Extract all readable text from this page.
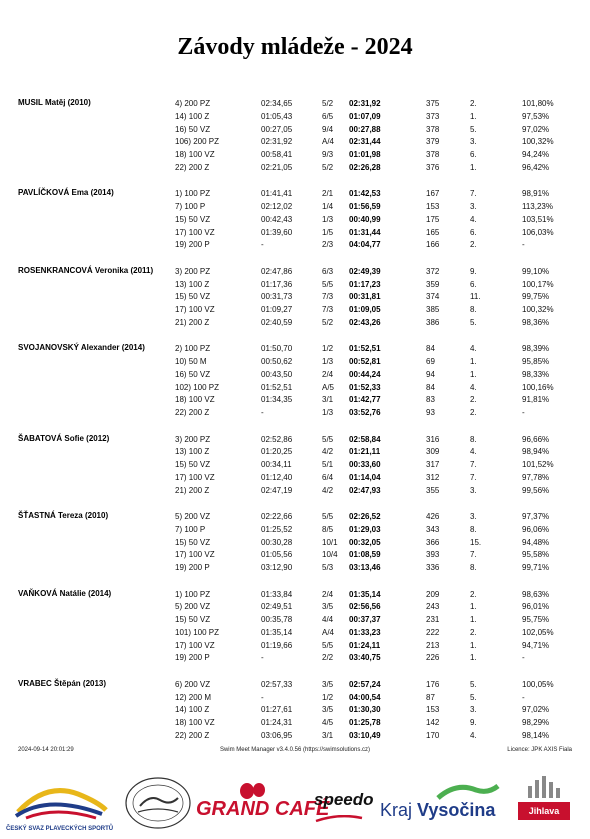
Závody mládeže - 2024
MUSIL Matěj (2010)	4) 200 PZ	02:34,65	5/2 02:31,92	375	2.	101,80%
14) 100 Z	01:05,43	6/5 01:07,09	373	1.	97,53%
16) 50 VZ	00:27,05	9/4 00:27,88	378	5.	97,02%
106) 200 PZ	02:31,92	A/4 02:31,44	379	3.	100,32%
18) 100 VZ	00:58,41	9/3 01:01,98	378	6.	94,24%
22) 200 Z	02:21,05	5/2 02:26,28	376	1.	96,42%
PAVLÍČKOVÁ Ema (2014)	1) 100 PZ	01:41,41	2/1 01:42,53	167	7.	98,91%
7) 100 P	02:12,02	1/4 01:56,59	153	3.	113,23%
15) 50 VZ	00:42,43	1/3 00:40,99	175	4.	103,51%
17) 100 VZ	01:39,60	1/5 01:31,44	165	6.	106,03%
19) 200 P	-	2/3 04:04,77	166	2.	-
ROSENKRANCOVÁ Veronika (2011)	3) 200 PZ	02:47,86	6/3 02:49,39	372	9.	99,10%
13) 100 Z	01:17,36	5/5 01:17,23	359	6.	100,17%
15) 50 VZ	00:31,73	7/3 00:31,81	374	11.	99,75%
17) 100 VZ	01:09,27	7/3 01:09,05	385	8.	100,32%
21) 200 Z	02:40,59	5/2 02:43,26	386	5.	98,36%
SVOJANOVSKÝ Alexander (2014)	2) 100 PZ	01:50,70	1/2 01:52,51	84	4.	98,39%
10) 50 M	00:50,62	1/3 00:52,81	69	1.	95,85%
16) 50 VZ	00:43,50	2/4 00:44,24	94	1.	98,33%
102) 100 PZ	01:52,51	A/5 01:52,33	84	4.	100,16%
18) 100 VZ	01:34,35	3/1 01:42,77	83	2.	91,81%
22) 200 Z	-	1/3 03:52,76	93	2.	-
ŠABATOVÁ Sofie (2012)	3) 200 PZ	02:52,86	5/5 02:58,84	316	8.	96,66%
13) 100 Z	01:20,25	4/2 01:21,11	309	4.	98,94%
15) 50 VZ	00:34,11	5/1 00:33,60	317	7.	101,52%
17) 100 VZ	01:12,40	6/4 01:14,04	312	7.	97,78%
21) 200 Z	02:47,19	4/2 02:47,93	355	3.	99,56%
ŠŤASTNÁ Tereza (2010)	5) 200 VZ	02:22,66	5/5 02:26,52	426	3.	97,37%
7) 100 P	01:25,52	8/5 01:29,03	343	8.	96,06%
15) 50 VZ	00:30,28	10/1 00:32,05	366	15.	94,48%
17) 100 VZ	01:05,56	10/4 01:08,59	393	7.	95,58%
19) 200 P	03:12,90	5/3 03:13,46	336	8.	99,71%
VAŇKOVÁ Natálie (2014)	1) 100 PZ	01:33,84	2/4 01:35,14	209	2.	98,63%
5) 200 VZ	02:49,51	3/5 02:56,56	243	1.	96,01%
15) 50 VZ	00:35,78	4/4 00:37,37	231	1.	95,75%
101) 100 PZ	01:35,14	A/4 01:33,23	222	2.	102,05%
17) 100 VZ	01:19,66	5/5 01:24,11	213	1.	94,71%
19) 200 P	-	2/2 03:40,75	226	1.	-
VRABEC Štěpán (2013)	6) 200 VZ	02:57,33	3/5 02:57,24	176	5.	100,05%
12) 200 M	-	1/2 04:00,54	87	5.	-
14) 100 Z	01:27,61	3/5 01:30,30	153	3.	97,02%
18) 100 VZ	01:24,31	4/5 01:25,78	142	9.	98,29%
22) 200 Z	03:06,95	3/1 03:10,49	170	4.	98,14%
2024-09-14 20:01:29	Swim Meet Manager v3.4.0.56 (https://swimsolutions.cz)	Licence: JPK AXIS Fiala
ČESKÝ SVAZ PLAVECKÝCH SPORTŮ
GRAND CAFÉ
speedo
Kraj Vysočina	Jihlava
